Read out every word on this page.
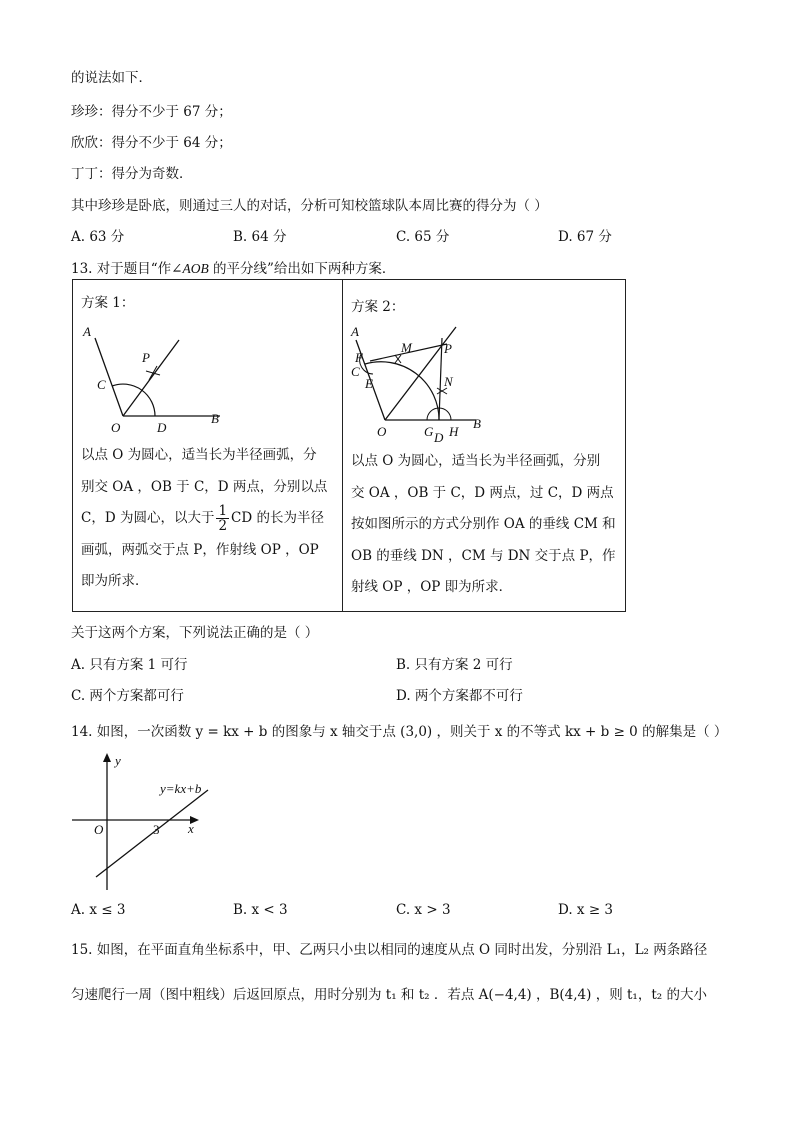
的说法如下．
珍珍：得分不少于 67 分；
欣欣：得分不少于 64 分；
丁丁：得分为奇数．
其中珍珍是卧底，则通过三人的对话，分析可知校篮球队本周比赛的得分为（ ）
A. 63 分	B. 64 分	C. 65 分	D. 67 分
13. 对于题目“作∠AOB 的平分线”给出如下两种方案．
方案 1：
A
P
C
O	D
B
以点 O 为圆心，适当长为半径画弧，分
别交 OA ，OB 于 C，D 两点，分别以点
C，D 为圆心，以大于 $\frac{1}{2}$ CD 的长为半径
画弧，两弧交于点 P，作射线 OP ，OP
即为所求．
方案 2：
A
F
M P
C
E	N
O	G D H
B
以点 O 为圆心，适当长为半径画弧，分别
交 OA ，OB 于 C，D 两点，过 C，D 两点
按如图所示的方式分别作 OA 的垂线 CM 和
OB 的垂线 DN ，CM 与 DN 交于点 P，作
射线 OP ，OP 即为所求．
关于这两个方案，下列说法正确的是（ ）
A. 只有方案 1 可行	B. 只有方案 2 可行
C. 两个方案都可行	D. 两个方案都不可行
14. 如图，一次函数 y = kx + b 的图象与 x 轴交于点 (3,0) ，则关于 x 的不等式 kx + b ≥ 0 的解集是（ ）
y
x
O	3
y=kx+b
A. x ≤ 3	B. x < 3	C. x > 3	D. x ≥ 3
15. 如图，在平面直角坐标系中，甲、乙两只小虫以相同的速度从点 O 同时出发，分别沿 L₁，L₂ 两条路径
匀速爬行一周（图中粗线）后返回原点，用时分别为 t₁ 和 t₂ ．若点 A(−4,4) ，B(4,4) ，则 t₁，t₂ 的大小
